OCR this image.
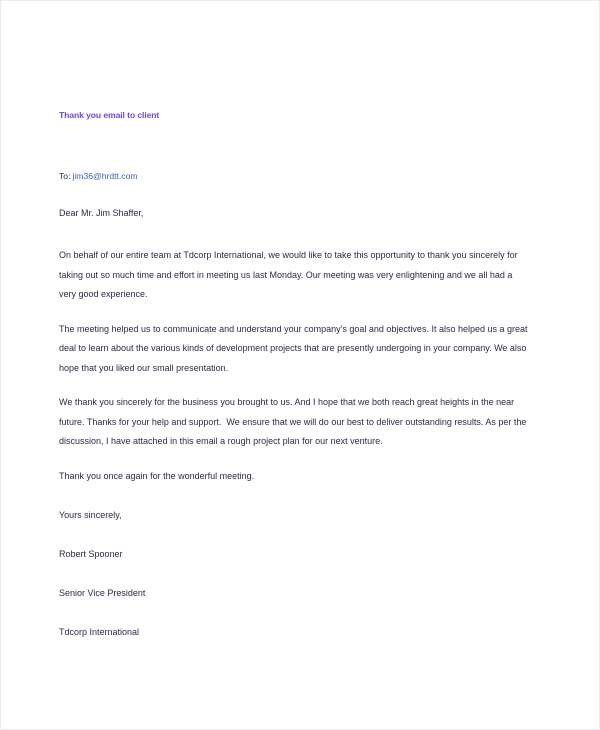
Thank you email to client
To: jim36@hrdtt.com
Dear Mr. Jim Shaffer,

On behalf of our entire team at Tdcorp International, we would like to take this opportunity to thank you sincerely for taking out so much time and effort in meeting us last Monday. Our meeting was very enlightening and we all had a very good experience.

The meeting helped us to communicate and understand your company's goal and objectives. It also helped us a great deal to learn about the various kinds of development projects that are presently undergoing in your company. We also hope that you liked our small presentation.

We thank you sincerely for the business you brought to us. And I hope that we both reach great heights in the near future. Thanks for your help and support.  We ensure that we will do our best to deliver outstanding results. As per the discussion, I have attached in this email a rough project plan for our next venture.

Thank you once again for the wonderful meeting.
Yours sincerely,
Robert Spooner
Senior Vice President
Tdcorp International
